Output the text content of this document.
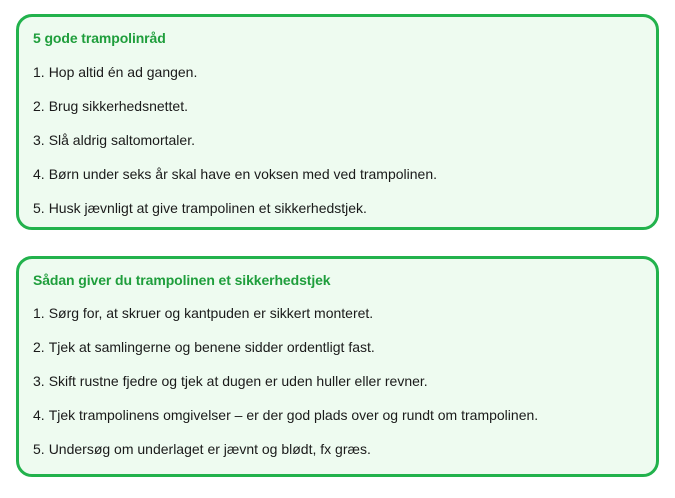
5 gode trampolinråd
1. Hop altid én ad gangen.
2. Brug sikkerhedsnettet.
3. Slå aldrig saltomortaler.
4. Børn under seks år skal have en voksen med ved trampolinen.
5. Husk jævnligt at give trampolinen et sikkerhedstjek.
Sådan giver du trampolinen et sikkerhedstjek
1. Sørg for, at skruer og kantpuden er sikkert monteret.
2. Tjek at samlingerne og benene sidder ordentligt fast.
3. Skift rustne fjedre og tjek at dugen er uden huller eller revner.
4. Tjek trampolinens omgivelser – er der god plads over og rundt om trampolinen.
5. Undersøg om underlaget er jævnt og blødt, fx græs.
